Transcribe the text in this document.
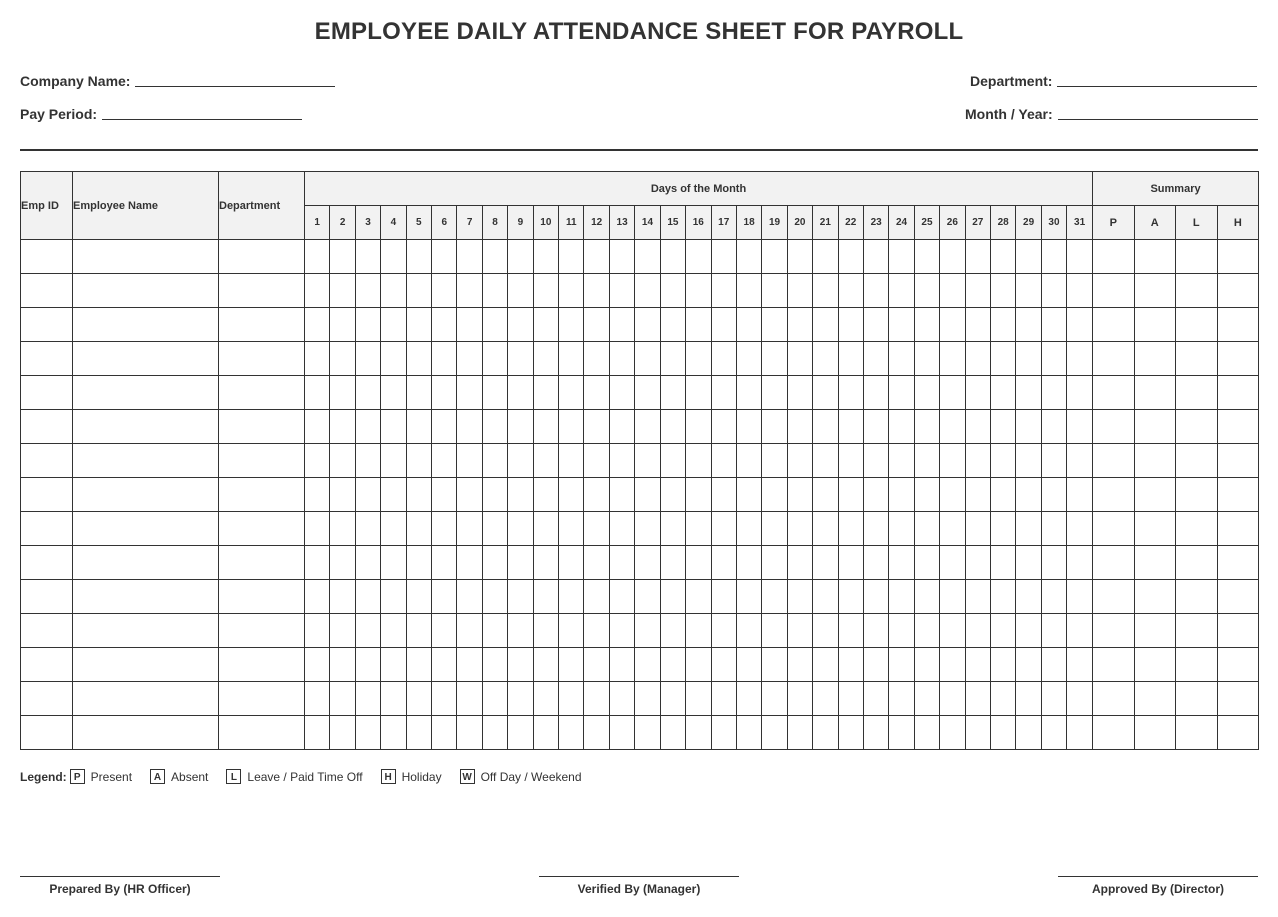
EMPLOYEE DAILY ATTENDANCE SHEET FOR PAYROLL
Company Name:	Department:
Pay Period:	Month / Year:
Emp ID	Employee Name	Department	Days of the Month																															Summary			
			1	2	3	4	5	6	7	8	9	10	11	12	13	14	15	16	17	18	19	20	21	22	23	24	25	26	27	28	29	30	31	P	A	L	H

Legend: P Present	A Absent	L Leave / Paid Time Off	H Holiday W Off Day / Weekend
Prepared By (HR Officer)	Verified By (Manager)	Approved By (Director)
